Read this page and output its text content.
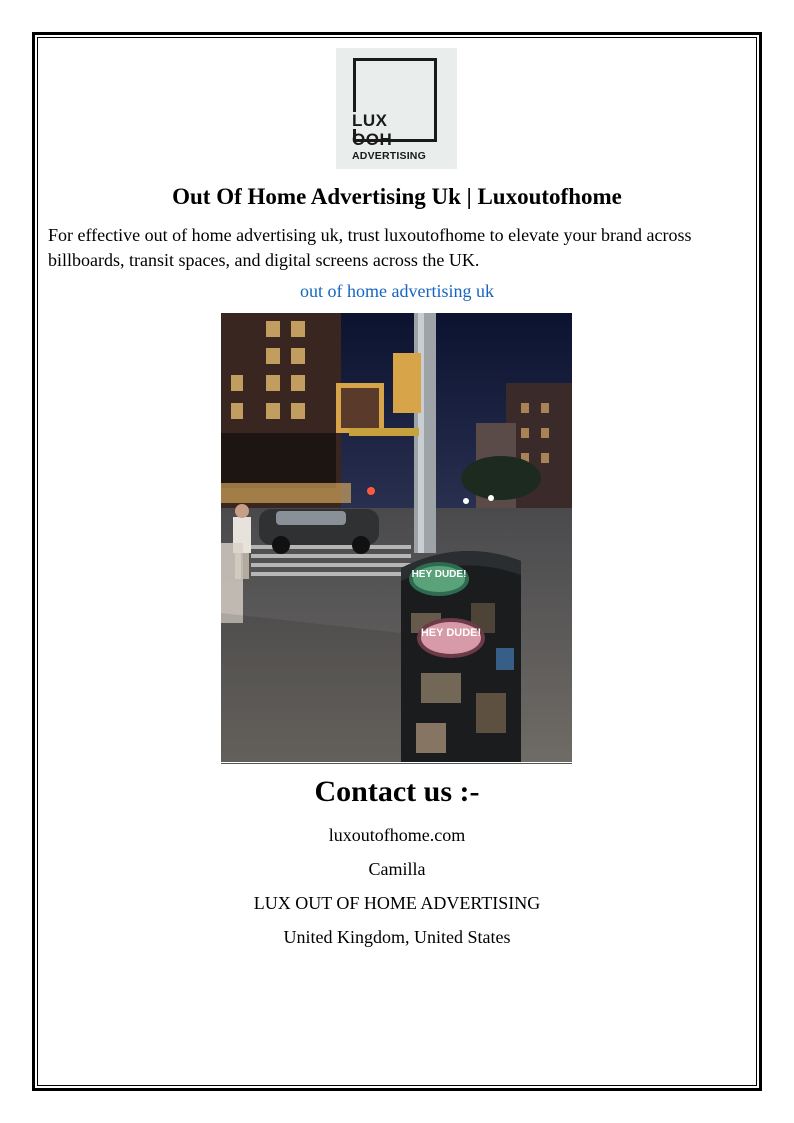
LUX
OOH
ADVERTISING
Out Of Home Advertising Uk | Luxoutofhome

For effective out of home advertising uk, trust luxoutofhome to elevate your brand across billboards, transit spaces, and digital screens across the UK.

out of home advertising uk
HEY DUDE!
HEY DUDE!
Contact us :-
luxoutofhome.com
Camilla
LUX OUT OF HOME ADVERTISING
United Kingdom, United States
